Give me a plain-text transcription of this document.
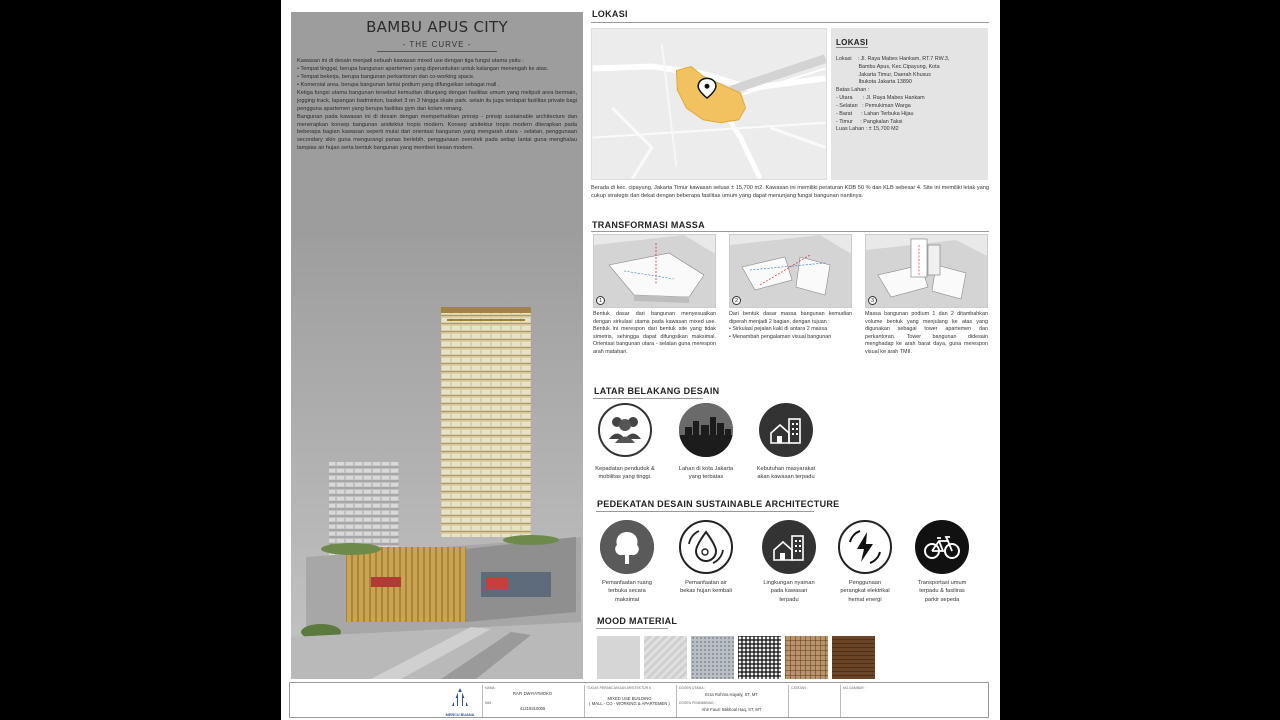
BAMBU APUS CITY
- THE CURVE -

Kawasan ini di desain menjadi sebuah kawasan mixed use dengan tiga fungsi utama yaitu :

• Tempat tinggal, berupa bangunan apartemen yang diperuntukan untuk kalangan menengah ke atas.

• Tempat bekerja, berupa bangunan perkantoran dan co-working space.

• Komersial area, berupa bangunan lantai podium yang difungsikan sebagai mall .

Ketiga fungsi utama bangunan tersebut kemudian ditunjang dengan fasilitas umum yang meliputi area bermain, jogging track, lapangan badminton, basket 3 on 3 hingga skate park. selain itu juga terdapat fasilitas private bagi pengguna apartemen yang berupa fasilitas gym dan kolam renang.

Bangunan pada kawasan ini di desain dengan memperhatikan prinsip - prinsip sustainable architecture dan menerapkan konsep bangunan arsitektur tropis modern. Konsep arsitektur tropis modern diterapkan pada beberapa bagian kawasan seperti mulai dari orientasi bangunan yang mengarah utara - selatan, penggunaan secondary skin guna mengurangi panas berlebih, penggunaan overstek pada setiap lantai guna menghalau tampias air hujan serta bentuk bangunan yang memberi kesan modern.

LOKASI
LOKASI
Lokasi    : Jl. Raya Mabes Hankam, RT.7 RW.3,
Bambu Apus, Kec.Cipayung, Kota
Jakarta Timur, Daerah Khusus
Ibukota Jakarta 13890
Batas Lahan :
- Utara       : Jl. Raya Mabes Hankam
- Selatan   : Pemukiman Warga
- Barat      : Lahan Terbuka Hijau
- Timur     : Pangkalan Taksi
Luas Lahan : ± 15,700 M2
Berada di kec. cipayung, Jakarta Timur kawasan seluas ± 15,700 m2. Kawasan ini memiliki peraturan KDB 50 % dan KLB sebesar 4. Site ini memiliki letak yang cukup strategis dan dekat dengan beberapa fasilitas umum yang dapat menunjang fungsi bangunan nantinya.
TRANSFORMASI MASSA
1	2	3
Bentuk dasar dari bangunan menyesuaikan dengan sirkulasi utama pada kawasan mixed use. Bentuk ini merespon dari bentuk site yang tidak simetris, sehingga dapat difungsikan maksimal. Orientasi bangunan utara - selatan guna merespon arah matahari.
Dari bentuk dasar massa bangunan kemudian diperah menjadi 2 bagian, dengan tujuan :
• Sirkulasi pejalan kaki di antara 2 massa
• Menambah pengalaman visual bangunan
Massa bangunan podium 1 dan 2 ditambahkan volume bentuk yang menjulang ke atas yang digunakan sebagai tower apartemen dan perkantoran. Tower bangunan didesain menghadap ke arah barat daya, guna merespon visual ke arah TMII.
LATAR BELAKANG DESAIN
Kepadatan penduduk &
mobilitas yang tinggi.
Lahan di kota Jakarta
yang terbatas
Kebutuhan masyarakat
akan kawasan terpadu
PEDEKATAN DESAIN SUSTAINABLE ARCHITECTURE
Pemanfaatan ruang
terbuka secara
maksimal
Pemanfaatan air
bekas hujan kembali
Lingkungan nyaman
pada kawasan
terpadu
Penggunaan
perangkat elektrikal
hemat energi
Transportasi umum
terpadu & fasiliras
parkir sepeda
MOOD MATERIAL
MERCU BUANA
NAMA :
RAFI DWIYATMOKO
NIM :
41219310005
TUGAS PERANCANGAN ARSITEKTUR 6
MIXED USE BUILDING
( MALL - CO - WORKING & APARTEMEN )
DOSEN UTAMA :
Erza Rohma Hayaty, ST, MT
DOSEN PEMBIMBING :
Ahir Fauzi Istikhoal Haq, ST, MT
CATATAN :	NO.GAMBAR :
